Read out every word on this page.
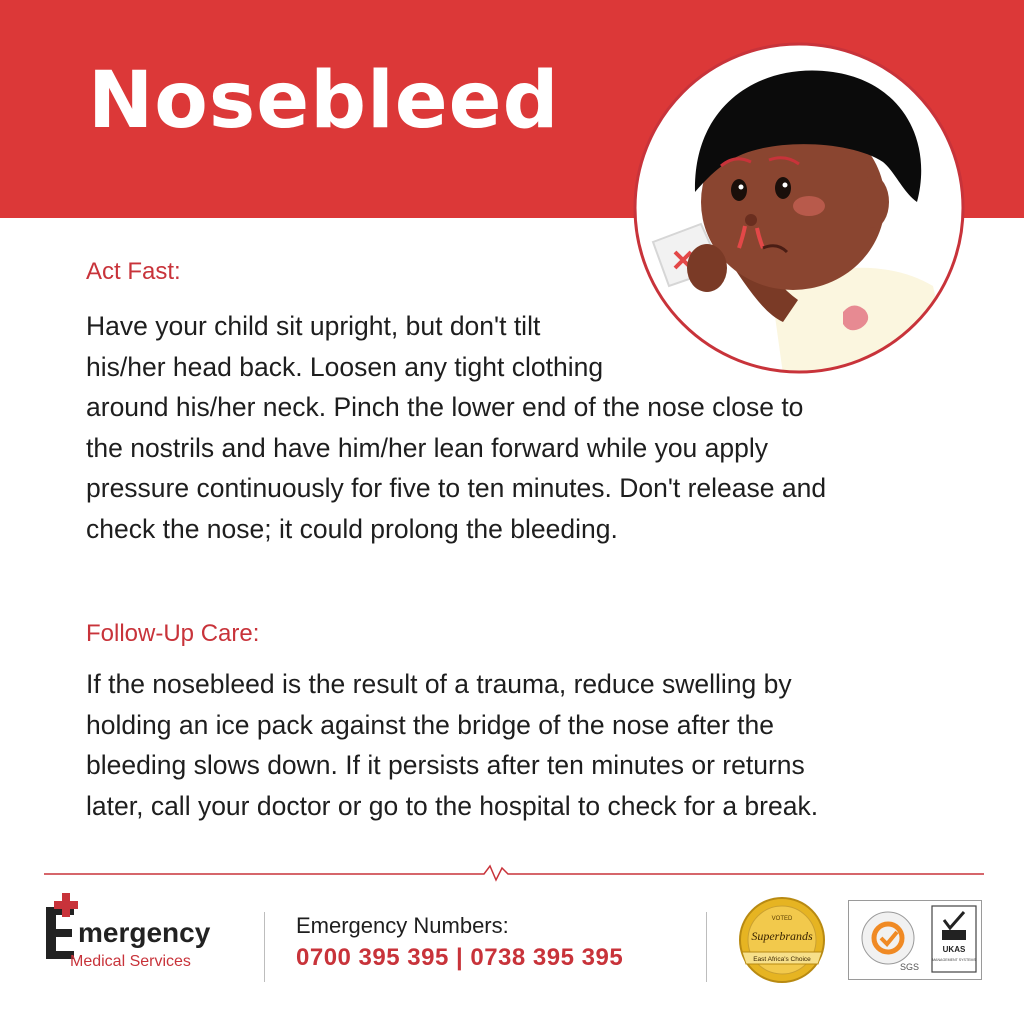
Nosebleed
Act Fast:
Have your child sit upright, but don't tilt
his/her head back. Loosen any tight clothing
around his/her neck. Pinch the lower end of the nose close to
the nostrils and have him/her lean forward while you apply
pressure continuously for five to ten minutes. Don't release and
check the nose; it could prolong the bleeding.
Follow-Up Care:
If the nosebleed is the result of a trauma, reduce swelling by
holding an ice pack against the bridge of the nose after the
bleeding slows down. If it persists after ten minutes or returns
later, call your doctor or go to the hospital to check for a break.
mergency
Medical Services
Emergency Numbers:
0700 395 395 | 0738 395 395
VOTED
Superbrands
East Africa's Choice
SGS
UKAS
MANAGEMENT SYSTEMS
